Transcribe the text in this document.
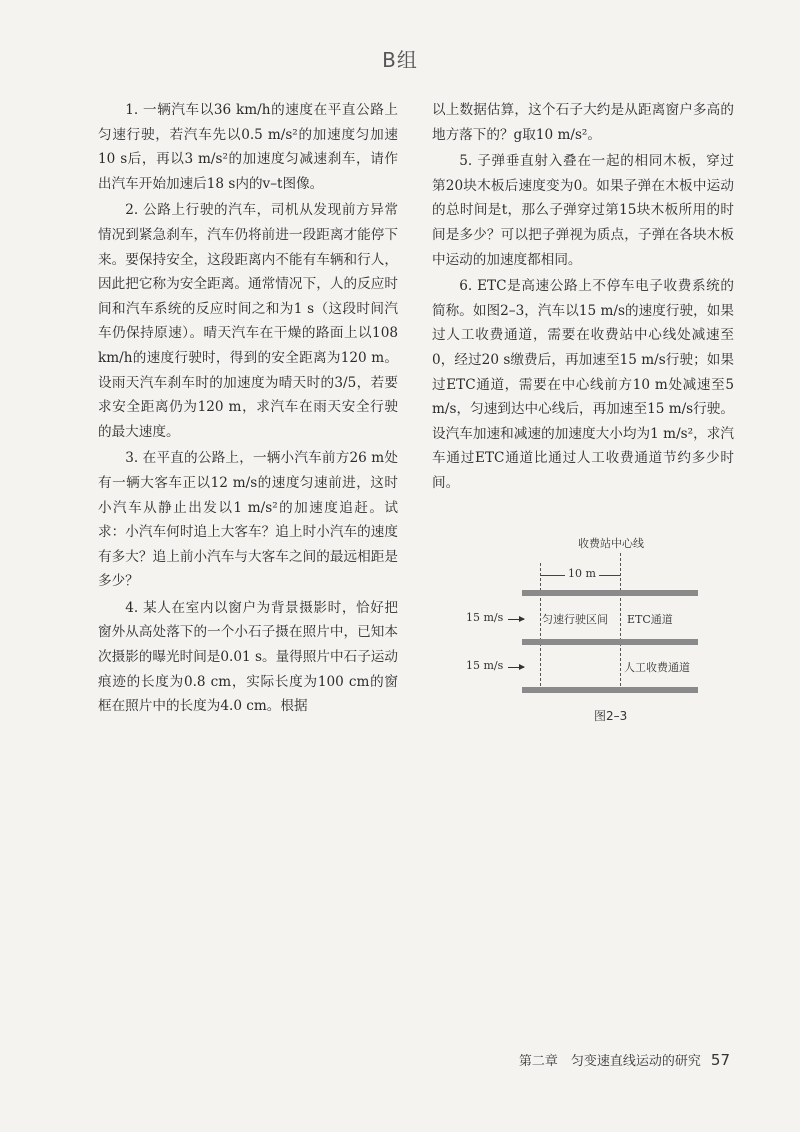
B组

1. 一辆汽车以36 km/h的速度在平直公路上匀速行驶，若汽车先以0.5 m/s²的加速度匀加速10 s后，再以3 m/s²的加速度匀减速刹车，请作出汽车开始加速后18 s内的v–t图像。

2. 公路上行驶的汽车，司机从发现前方异常情况到紧急刹车，汽车仍将前进一段距离才能停下来。要保持安全，这段距离内不能有车辆和行人，因此把它称为安全距离。通常情况下，人的反应时间和汽车系统的反应时间之和为1 s（这段时间汽车仍保持原速）。晴天汽车在干燥的路面上以108 km/h的速度行驶时，得到的安全距离为120 m。设雨天汽车刹车时的加速度为晴天时的3/5，若要求安全距离仍为120 m，求汽车在雨天安全行驶的最大速度。

3. 在平直的公路上，一辆小汽车前方26 m处有一辆大客车正以12 m/s的速度匀速前进，这时小汽车从静止出发以1 m/s²的加速度追赶。试求：小汽车何时追上大客车？追上时小汽车的速度有多大？追上前小汽车与大客车之间的最远相距是多少？

4. 某人在室内以窗户为背景摄影时，恰好把窗外从高处落下的一个小石子摄在照片中，已知本次摄影的曝光时间是0.01 s。量得照片中石子运动痕迹的长度为0.8 cm，实际长度为100 cm的窗框在照片中的长度为4.0 cm。根据

以上数据估算，这个石子大约是从距离窗户多高的地方落下的？g取10 m/s²。

5. 子弹垂直射入叠在一起的相同木板，穿过第20块木板后速度变为0。如果子弹在木板中运动的总时间是t，那么子弹穿过第15块木板所用的时间是多少？可以把子弹视为质点，子弹在各块木板中运动的加速度都相同。

6. ETC是高速公路上不停车电子收费系统的简称。如图2–3，汽车以15 m/s的速度行驶，如果过人工收费通道，需要在收费站中心线处减速至0，经过20 s缴费后，再加速至15 m/s行驶；如果过ETC通道，需要在中心线前方10 m处减速至5 m/s，匀速到达中心线后，再加速至15 m/s行驶。设汽车加速和减速的加速度大小均为1 m/s²，求汽车通过ETC通道比通过人工收费通道节约多少时间。

收费站中心线
10 m
15 m/s	匀速行驶区间 ETC通道
15 m/s	人工收费通道
图2–3
第二章　匀变速直线运动的研究 57
